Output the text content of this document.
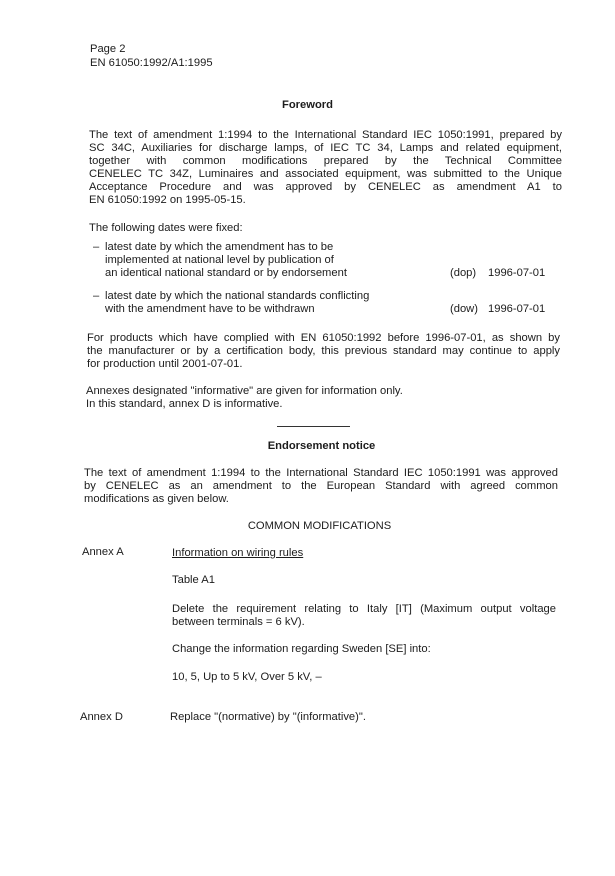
Page 2
EN 61050:1992/A1:1995
Foreword
The text of amendment 1:1994 to the International Standard IEC 1050:1991, prepared by
SC 34C, Auxiliaries for discharge lamps, of IEC TC 34, Lamps and related equipment,
together with common modifications prepared by the Technical Committee
CENELEC TC 34Z, Luminaires and associated equipment, was submitted to the Unique
Acceptance Procedure and was approved by CENELEC as amendment A1 to
EN 61050:1992 on 1995-05-15.
The following dates were fixed:
– latest date by which the amendment has to be
implemented at national level by publication of
an identical national standard or by endorsement	(dop) 1996-07-01
– latest date by which the national standards conflicting
with the amendment have to be withdrawn	(dow) 1996-07-01
For products which have complied with EN 61050:1992 before 1996-07-01, as shown by
the manufacturer or by a certification body, this previous standard may continue to apply
for production until 2001-07-01.
Annexes designated "informative" are given for information only.
In this standard, annex D is informative.
Endorsement notice
The text of amendment 1:1994 to the International Standard IEC 1050:1991 was approved
by CENELEC as an amendment to the European Standard with agreed common
modifications as given below.
COMMON MODIFICATIONS
Annex A	Information on wiring rules
Table A1
Delete the requirement relating to Italy [IT] (Maximum output voltage
between terminals = 6 kV).
Change the information regarding Sweden [SE] into:
10, 5, Up to 5 kV, Over 5 kV, –
Annex D	Replace "(normative) by "(informative)".
